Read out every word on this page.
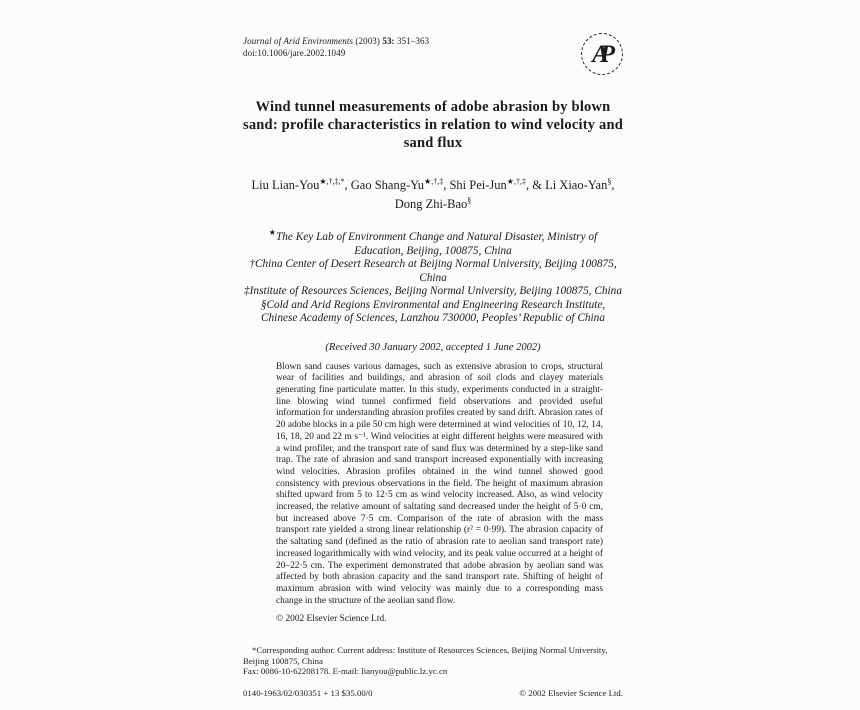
Journal of Arid Environments (2003) 53: 351–363
doi:10.1006/jare.2002.1049	AP
Wind tunnel measurements of adobe abrasion by blown sand: profile characteristics in relation to wind velocity and sand flux
Liu Lian-You★,†,‡,*, Gao Shang-Yu★,†,‡, Shi Pei-Jun★,†,‡, & Li Xiao-Yan§, Dong Zhi-Bao§
★The Key Lab of Environment Change and Natural Disaster, Ministry of Education, Beijing, 100875, China
†China Center of Desert Research at Beijing Normal University, Beijing 100875, China
‡Institute of Resources Sciences, Beijing Normal University, Beijing 100875, China
§Cold and Arid Regions Environmental and Engineering Research Institute, Chinese Academy of Sciences, Lanzhou 730000, Peoples’ Republic of China
(Received 30 January 2002, accepted 1 June 2002)

Blown sand causes various damages, such as extensive abrasion to crops, structural wear of facilities and buildings, and abrasion of soil clods and clayey materials generating fine particulate matter. In this study, experiments conducted in a straight-line blowing wind tunnel confirmed field observations and provided useful information for understanding abrasion profiles created by sand drift. Abrasion rates of 20 adobe blocks in a pile 50 cm high were determined at wind velocities of 10, 12, 14, 16, 18, 20 and 22 m s⁻¹. Wind velocities at eight different heights were measured with a wind profiler, and the transport rate of sand flux was determined by a step-like sand trap. The rate of abrasion and sand transport increased exponentially with increasing wind velocities. Abrasion profiles obtained in the wind tunnel showed good consistency with previous observations in the field. The height of maximum abrasion shifted upward from 5 to 12·5 cm as wind velocity increased. Also, as wind velocity increased, the relative amount of saltating sand decreased under the height of 5·0 cm, but increased above 7·5 cm. Comparison of the rate of abrasion with the mass transport rate yielded a strong linear relationship (r² = 0·99). The abrasion capacity of the saltating sand (defined as the ratio of abrasion rate to aeolian sand transport rate) increased logarithmically with wind velocity, and its peak value occurred at a height of 20–22·5 cm. The experiment demonstrated that adobe abrasion by aeolian sand was affected by both abrasion capacity and the sand transport rate. Shifting of height of maximum abrasion with wind velocity was mainly due to a corresponding mass change in the structure of the aeolian sand flow.

© 2002 Elsevier Science Ltd.

*Corresponding author. Current address: Institute of Resources Sciences, Beijing Normal University, Beijing 100875, China

Fax: 0086-10-62208178. E-mail: lianyou@public.lz.yc.cn

0140-1963/02/030351 + 13 $35.00/0	© 2002 Elsevier Science Ltd.
